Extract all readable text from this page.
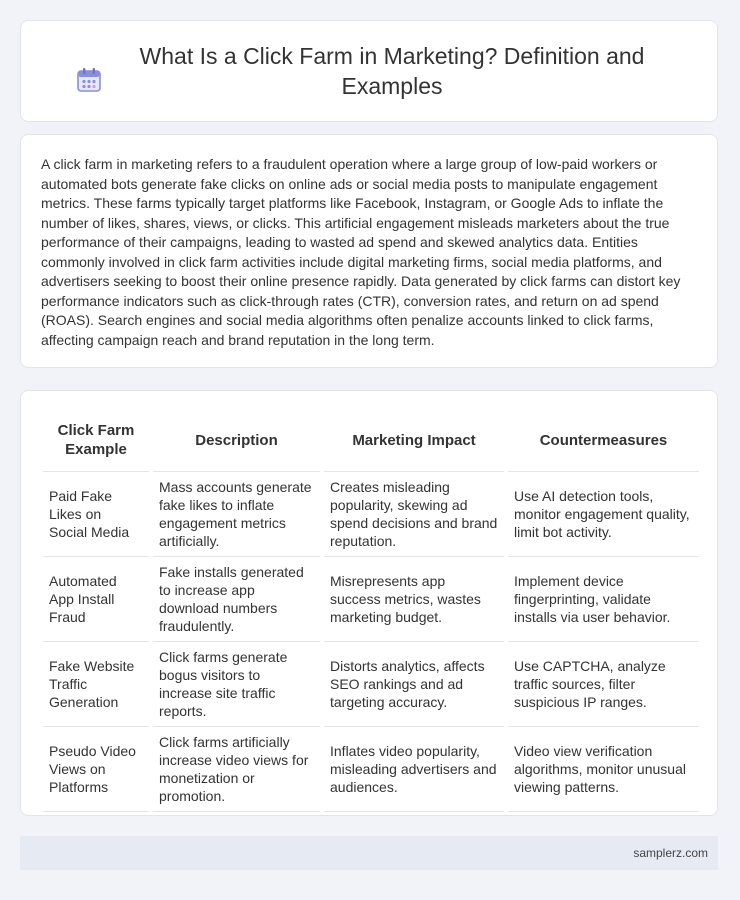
What Is a Click Farm in Marketing? Definition and Examples

A click farm in marketing refers to a fraudulent operation where a large group of low-paid workers or automated bots generate fake clicks on online ads or social media posts to manipulate engagement metrics. These farms typically target platforms like Facebook, Instagram, or Google Ads to inflate the number of likes, shares, views, or clicks. This artificial engagement misleads marketers about the true performance of their campaigns, leading to wasted ad spend and skewed analytics data. Entities commonly involved in click farm activities include digital marketing firms, social media platforms, and advertisers seeking to boost their online presence rapidly. Data generated by click farms can distort key performance indicators such as click-through rates (CTR), conversion rates, and return on ad spend (ROAS). Search engines and social media algorithms often penalize accounts linked to click farms, affecting campaign reach and brand reputation in the long term.

Click Farm Example	Description	Marketing Impact	Countermeasures
Paid Fake Likes on Social Media	Mass accounts generate fake likes to inflate engagement metrics artificially.	Creates misleading popularity, skewing ad spend decisions and brand reputation.	Use AI detection tools, monitor engagement quality, limit bot activity.
Automated App Install Fraud	Fake installs generated to increase app download numbers fraudulently.	Misrepresents app success metrics, wastes marketing budget.	Implement device fingerprinting, validate installs via user behavior.
Fake Website Traffic Generation	Click farms generate bogus visitors to increase site traffic reports.	Distorts analytics, affects SEO rankings and ad targeting accuracy.	Use CAPTCHA, analyze traffic sources, filter suspicious IP ranges.
Pseudo Video Views on Platforms	Click farms artificially increase video views for monetization or promotion.	Inflates video popularity, misleading advertisers and audiences.	Video view verification algorithms, monitor unusual viewing patterns.
samplerz.com
